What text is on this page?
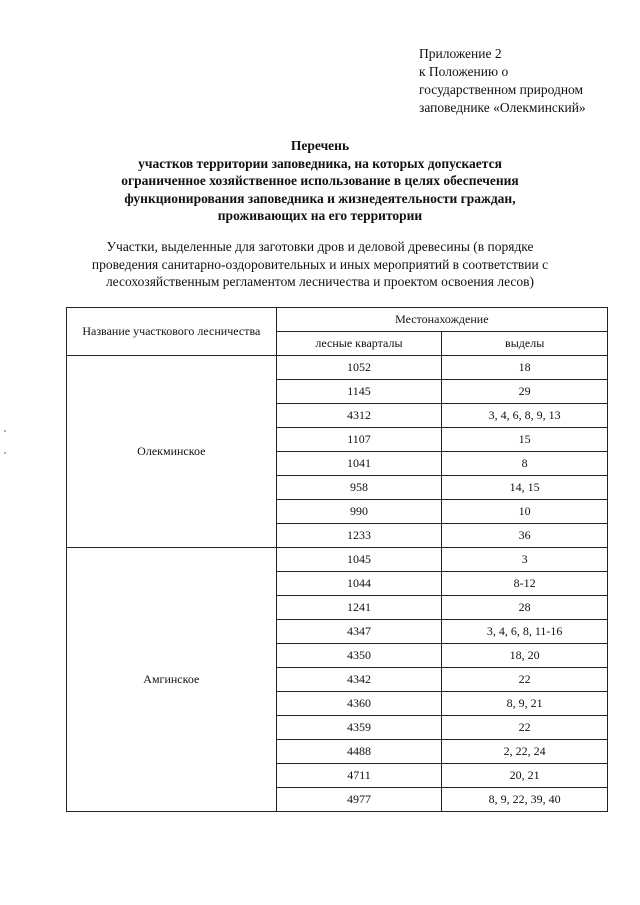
Приложение 2
к Положению о
государственном природном
заповеднике «Олекминский»
Перечень
участков территории заповедника, на которых допускается
ограниченное хозяйственное использование в целях обеспечения
функционирования заповедника и жизнедеятельности граждан,
проживающих на его территории
Участки, выделенные для заготовки дров и деловой древесины (в порядке
проведения санитарно-оздоровительных и иных мероприятий в соответствии с
лесохозяйственным регламентом лесничества и проектом освоения лесов)
Название участкового лесничества	Местонахождение	
	лесные кварталы	выделы
Олекминское	1052	18
	1145	29
	4312	3, 4, 6, 8, 9, 13
	1107	15
	1041	8
	958	14, 15
	990	10
	1233	36
Амгинское	1045	3
	1044	8-12
	1241	28
	4347	3, 4, 6, 8, 11-16
	4350	18, 20
	4342	22
	4360	8, 9, 21
	4359	22
	4488	2, 22, 24
	4711	20, 21
	4977	8, 9, 22, 39, 40
